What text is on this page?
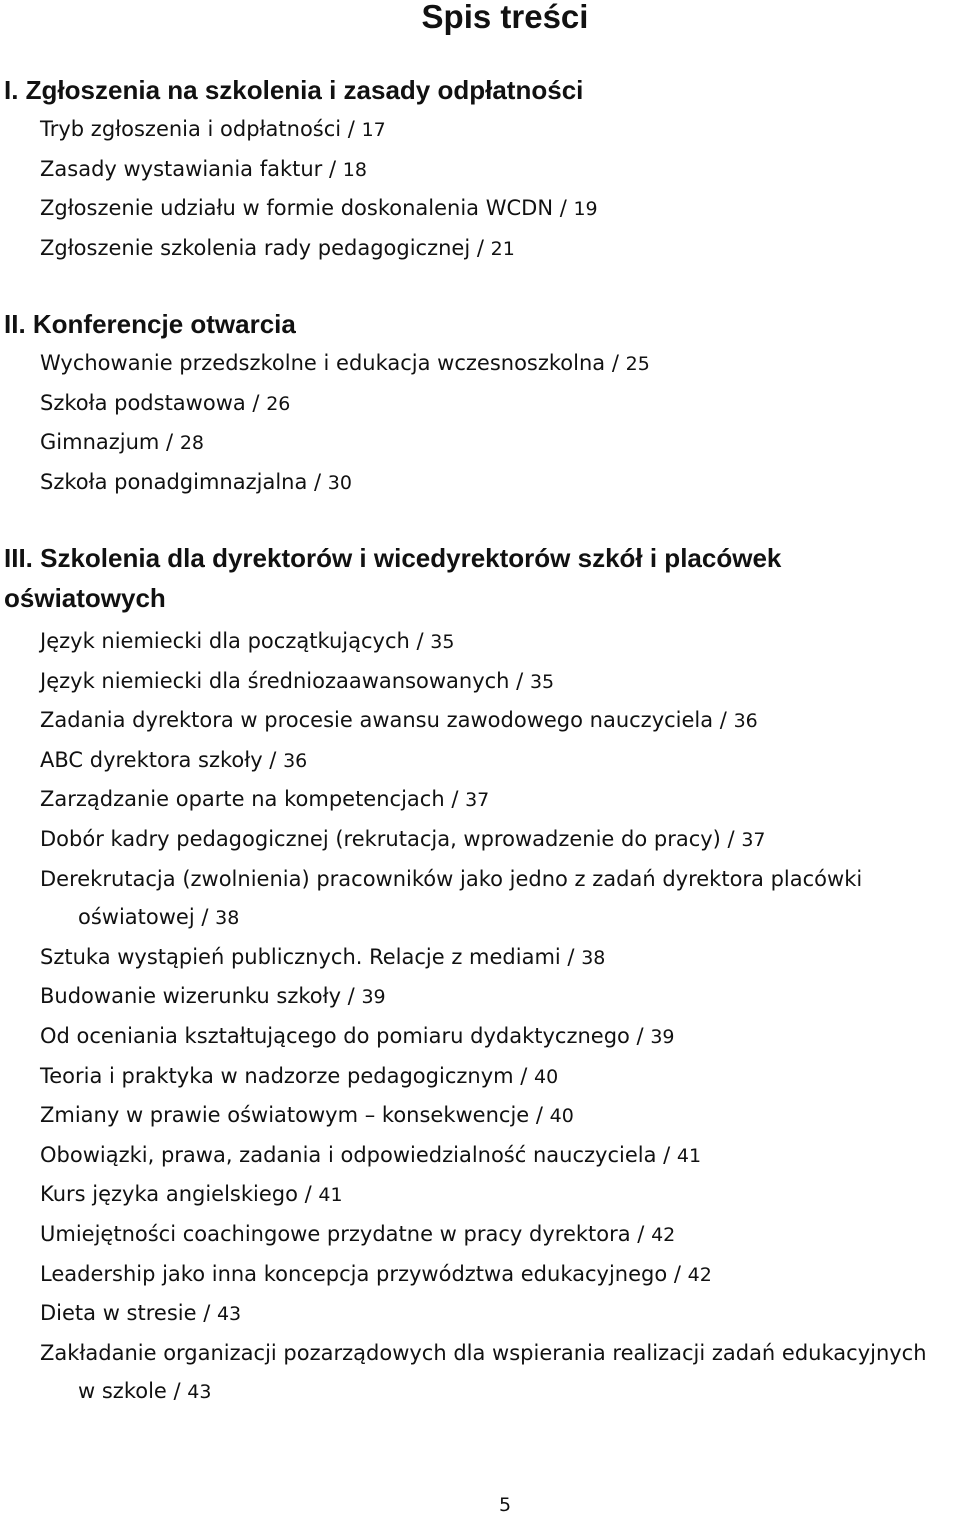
Spis treści
I. Zgłoszenia na szkolenia i zasady odpłatności
Tryb zgłoszenia i odpłatności / 17
Zasady wystawiania faktur / 18
Zgłoszenie udziału w formie doskonalenia WCDN / 19
Zgłoszenie szkolenia rady pedagogicznej / 21
II. Konferencje otwarcia
Wychowanie przedszkolne i edukacja wczesnoszkolna / 25
Szkoła podstawowa / 26
Gimnazjum / 28
Szkoła ponadgimnazjalna / 30
III. Szkolenia dla dyrektorów i wicedyrektorów szkół i placówek
oświatowych
Język niemiecki dla początkujących / 35
Język niemiecki dla średniozaawansowanych / 35
Zadania dyrektora w procesie awansu zawodowego nauczyciela / 36
ABC dyrektora szkoły / 36
Zarządzanie oparte na kompetencjach / 37
Dobór kadry pedagogicznej (rekrutacja, wprowadzenie do pracy) / 37
Derekrutacja (zwolnienia) pracowników jako jedno z zadań dyrektora placówki
oświatowej / 38
Sztuka wystąpień publicznych. Relacje z mediami / 38
Budowanie wizerunku szkoły / 39
Od oceniania kształtującego do pomiaru dydaktycznego / 39
Teoria i praktyka w nadzorze pedagogicznym / 40
Zmiany w prawie oświatowym – konsekwencje / 40
Obowiązki, prawa, zadania i odpowiedzialność nauczyciela / 41
Kurs języka angielskiego / 41
Umiejętności coachingowe przydatne w pracy dyrektora / 42
Leadership jako inna koncepcja przywództwa edukacyjnego / 42
Dieta w stresie / 43
Zakładanie organizacji pozarządowych dla wspierania realizacji zadań edukacyjnych
w szkole / 43
5
